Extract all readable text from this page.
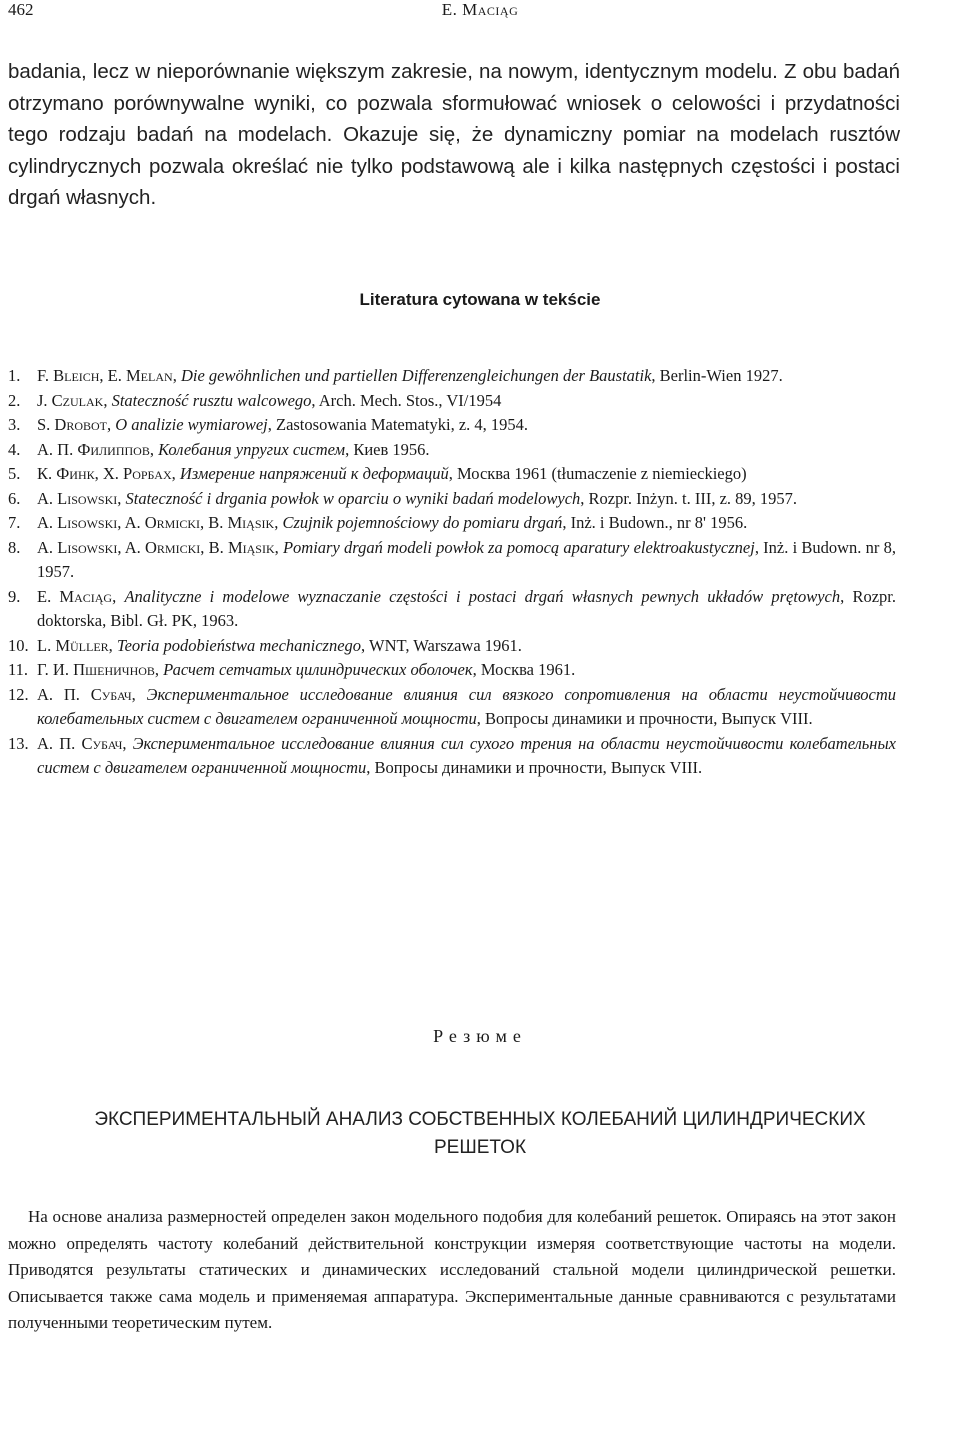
462	E. Maciąg

badania, lecz w nieporównanie większym zakresie, na nowym, identycznym modelu. Z obu badań otrzymano porównywalne wyniki, co pozwala sformułować wniosek o celowości i przydatności tego rodzaju badań na modelach. Okazuje się, że dynamiczny pomiar na modelach rusztów cylindrycznych pozwala określać nie tylko podstawową ale i kilka następnych częstości i postaci drgań własnych.

Literatura cytowana w tekście
1.	F. Bleich, E. Melan, Die gewöhnlichen und partiellen Differenzengleichungen der Baustatik, Berlin-Wien 1927.
2.	J. Czulak, Stateczność rusztu walcowego, Arch. Mech. Stos., VI/1954
3.	S. Drobot, O analizie wymiarowej, Zastosowania Matematyki, z. 4, 1954.
4.	А. П. Филиппов, Колебания упругих систем, Киев 1956.
5.	К. Финк, X. Рорбах, Измерение напряжений к деформаций, Москва 1961 (tłumaczenie z niemieckiego)
6.	A. Lisowski, Stateczność i drgania powłok w oparciu o wyniki badań modelowych, Rozpr. Inżyn. t. III, z. 89, 1957.
7.	A. Lisowski, A. Ormicki, B. Miąsik, Czujnik pojemnościowy do pomiaru drgań, Inż. i Budown., nr 8' 1956.
8.	A. Lisowski, A. Ormicki, B. Miąsik, Pomiary drgań modeli powłok za pomocą aparatury elektroakustycznej, Inż. i Budown. nr 8, 1957.
9.	E. Maciąg, Analityczne i modelowe wyznaczanie częstości i postaci drgań własnych pewnych układów prętowych, Rozpr. doktorska, Bibl. Gł. PK, 1963.
10. L. Müller, Teoria podobieństwa mechanicznego, WNT, Warszawa 1961.
11. Г. И. Пшеничнов, Расчет сетчатых цилиндрических оболочек, Москва 1961.
12. А. П. Субач, Экспериментальное исследование влияния сил вязкого сопротивления на области неустойчивости колебательных систем с двигателем ограниченной мощности, Вопросы динамики и прочности, Выпуск VIII.
13. А. П. Субач, Экспериментальное исследование влияния сил сухого трения на области неустойчивости колебательных систем с двигателем ограниченной мощности, Вопросы динамики и прочности, Выпуск VIII.
Резюме
ЭКСПЕРИМЕНТАЛЬНЫЙ АНАЛИЗ СОБСТВЕННЫХ КОЛЕБАНИЙ ЦИЛИНДРИЧЕСКИХ
РЕШЕТОК

На основе анализа размерностей определен закон модельного подобия для колебаний решеток. Опираясь на этот закон можно определять частоту колебаний действительной конструкции измеряя соответствующие частоты на модели. Приводятся результаты статических и динамических исследований стальной модели цилиндрической решетки. Описывается также сама модель и применяемая аппаратура. Экспериментальные данные сравниваются с результатами полученными теоретическим путем.
